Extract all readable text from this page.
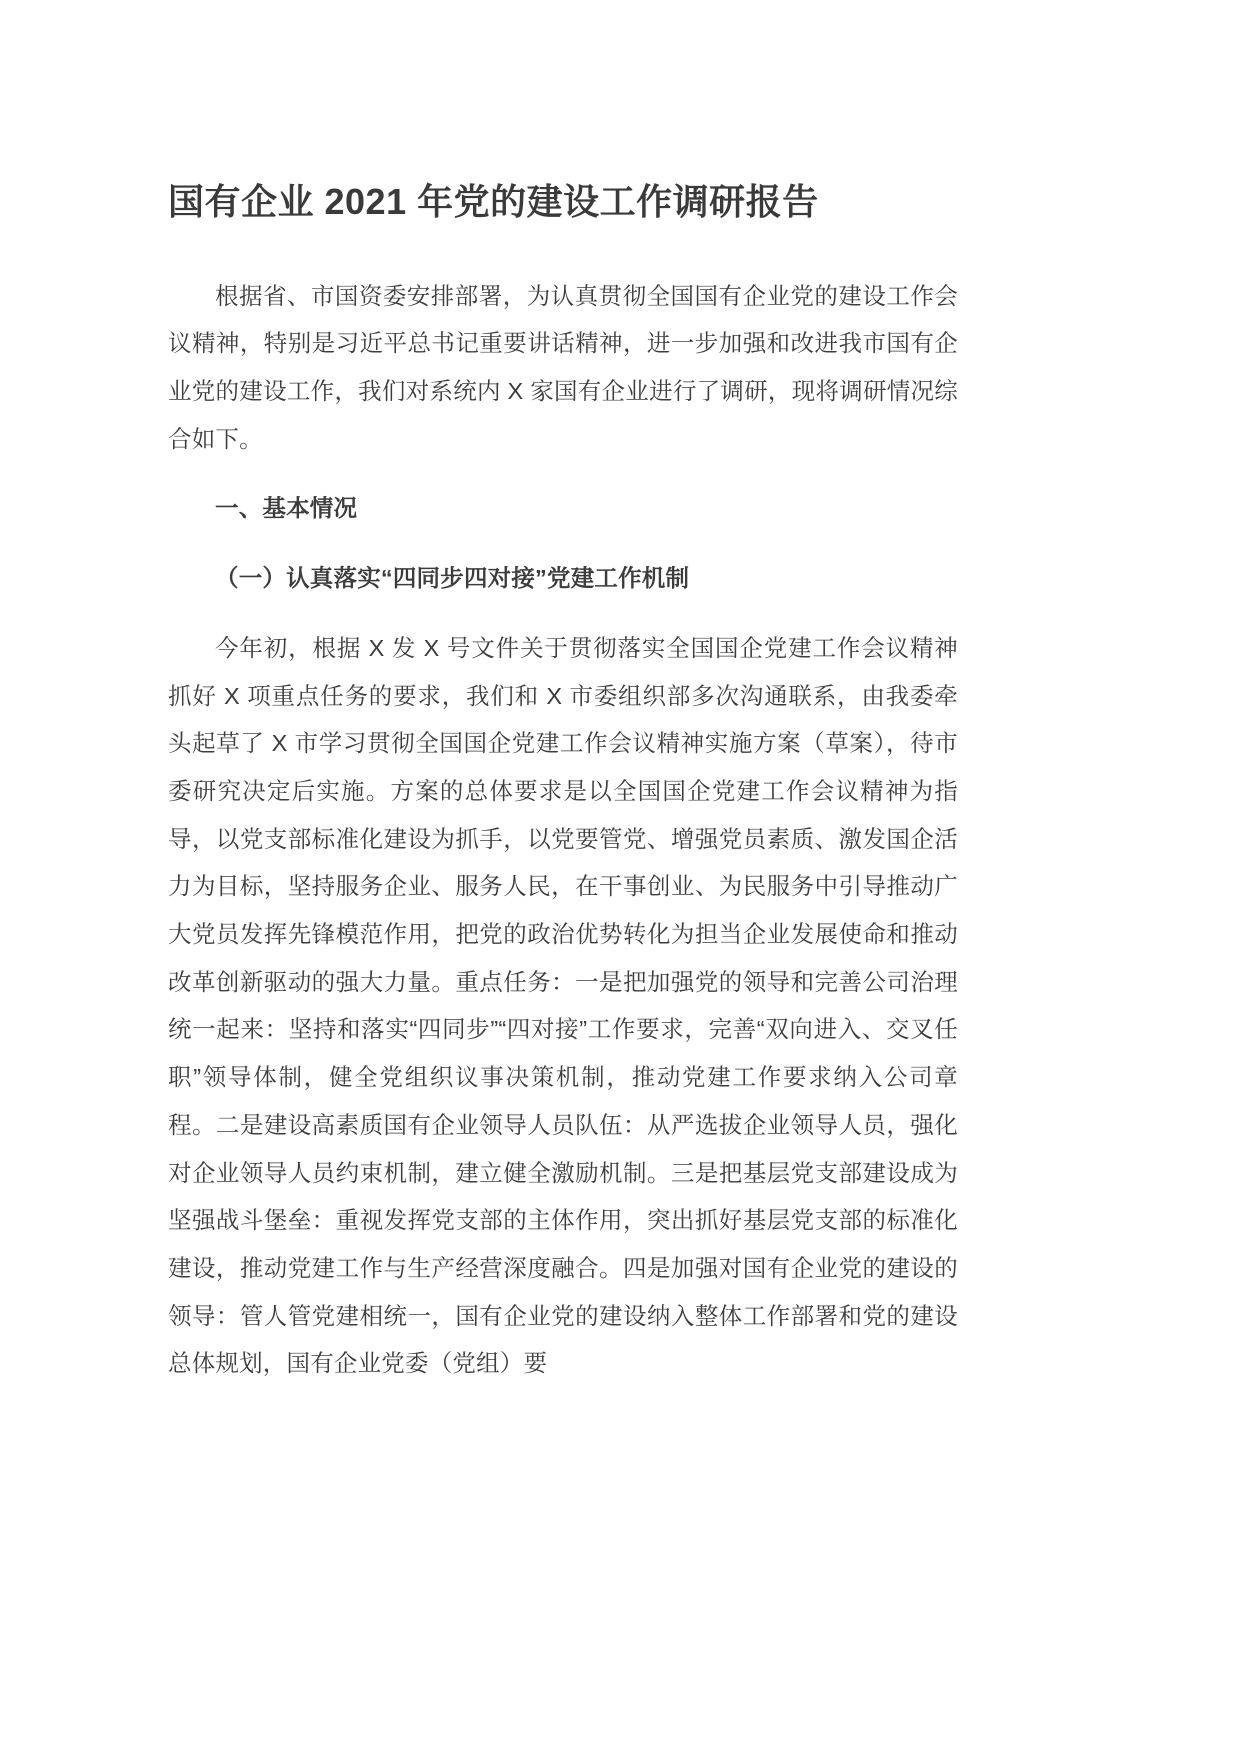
国有企业 2021 年党的建设工作调研报告

根据省、市国资委安排部署，为认真贯彻全国国有企业党的建设工作会议精神，特别是习近平总书记重要讲话精神，进一步加强和改进我市国有企业党的建设工作，我们对系统内 X 家国有企业进行了调研，现将调研情况综合如下。

一、基本情况

（一）认真落实“四同步四对接”党建工作机制

今年初，根据 X 发 X 号文件关于贯彻落实全国国企党建工作会议精神抓好 X 项重点任务的要求，我们和 X 市委组织部多次沟通联系，由我委牵头起草了 X 市学习贯彻全国国企党建工作会议精神实施方案（草案），待市委研究决定后实施。方案的总体要求是以全国国企党建工作会议精神为指导，以党支部标准化建设为抓手，以党要管党、增强党员素质、激发国企活力为目标，坚持服务企业、服务人民，在干事创业、为民服务中引导推动广大党员发挥先锋模范作用，把党的政治优势转化为担当企业发展使命和推动改革创新驱动的强大力量。重点任务：一是把加强党的领导和完善公司治理统一起来：坚持和落实“四同步”“四对接”工作要求，完善“双向进入、交叉任职”领导体制，健全党组织议事决策机制，推动党建工作要求纳入公司章程。二是建设高素质国有企业领导人员队伍：从严选拔企业领导人员，强化对企业领导人员约束机制，建立健全激励机制。三是把基层党支部建设成为坚强战斗堡垒：重视发挥党支部的主体作用，突出抓好基层党支部的标准化建设，推动党建工作与生产经营深度融合。四是加强对国有企业党的建设的领导：管人管党建相统一，国有企业党的建设纳入整体工作部署和党的建设总体规划，国有企业党委（党组）要
